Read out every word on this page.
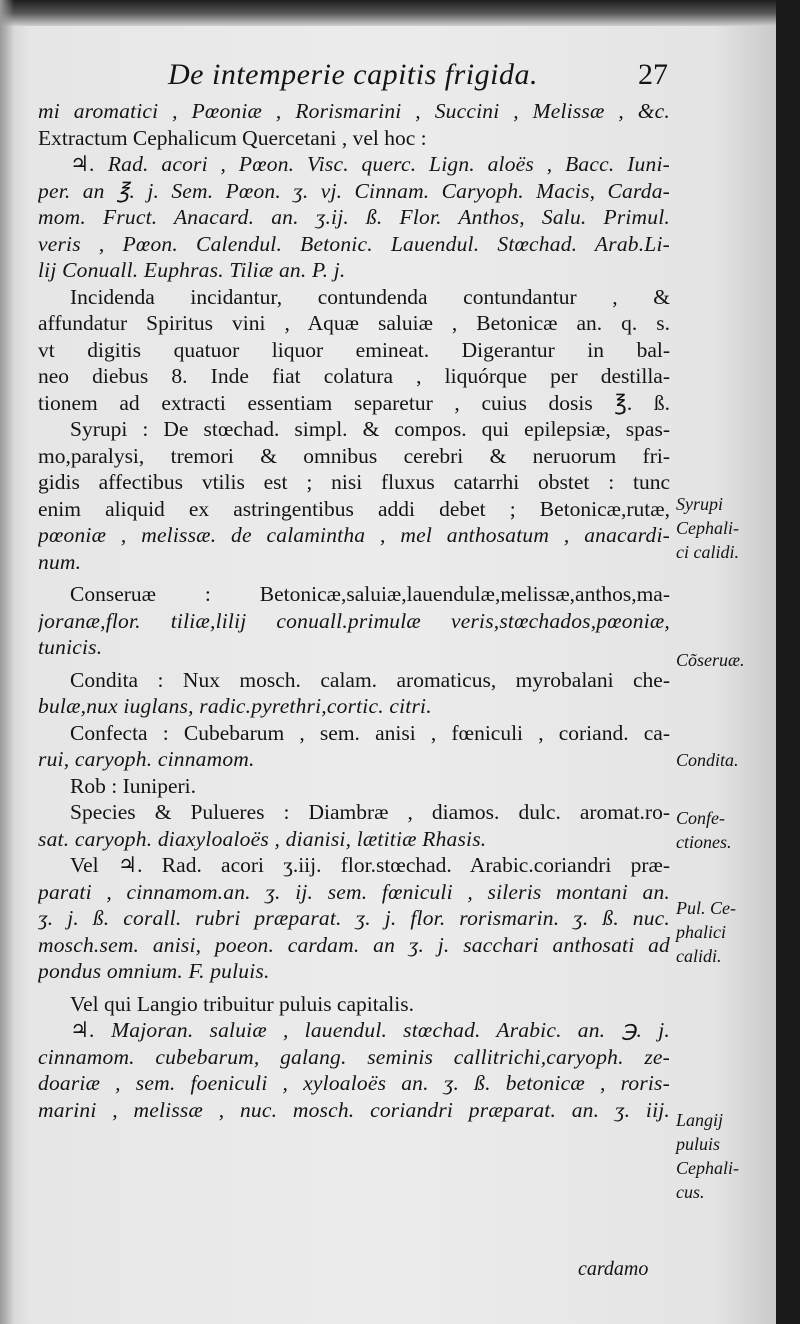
De intemperie capitis frigida.	27
mi aromatici , Pœoniæ , Rorismarini , Succini , Melissæ , &c.
Extractum Cephalicum Quercetani , vel hoc :
♃. Rad. acori , Pœon. Visc. querc. Lign. aloës , Bacc. Iuni-
per. an ℥. j. Sem. Pœon. ʒ. vj. Cinnam. Caryoph. Macis, Carda-
mom. Fruct. Anacard. an. ʒ.ij. ß. Flor. Anthos, Salu. Primul.
veris , Pœon. Calendul. Betonic. Lauendul. Stœchad. Arab.Li-
lij Conuall. Euphras. Tiliæ an. P. j.
Incidenda incidantur, contundenda contundantur , &
affundatur Spiritus vini , Aquæ saluiæ , Betonicæ an. q. s.
vt digitis quatuor liquor emineat. Digerantur in bal-
neo diebus 8. Inde fiat colatura , liquórque per destilla-
tionem ad extracti essentiam separetur , cuius dosis ℥. ß.
Syrupi : De stœchad. simpl. & compos. qui epilepsiæ, spas-
mo,paralysi, tremori & omnibus cerebri & neruorum fri-
gidis affectibus vtilis est ; nisi fluxus catarrhi obstet : tunc
enim aliquid ex astringentibus addi debet ; Betonicæ,rutæ,
pœoniæ , melissæ. de calamintha , mel anthosatum , anacardi-
num.
Conseruæ : Betonicæ,saluiæ,lauendulæ,melissæ,anthos,ma-
joranæ,flor. tiliæ,lilij conuall.primulæ veris,stœchados,pœoniæ,
tunicis.
Condita : Nux mosch. calam. aromaticus, myrobalani che-
bulæ,nux iuglans, radic.pyrethri,cortic. citri.
Confecta : Cubebarum , sem. anisi , fœniculi , coriand. ca-
rui, caryoph. cinnamom.
Rob : Iuniperi.
Species & Pulueres : Diambræ , diamos. dulc. aromat.ro-
sat. caryoph. diaxyloaloës , dianisi, lætitiæ Rhasis.
Vel ♃. Rad. acori ʒ.iij. flor.stœchad. Arabic.coriandri præ-
parati , cinnamom.an. ʒ. ij. sem. fœniculi , sileris montani an.
ʒ. j. ß. corall. rubri præparat. ʒ. j. flor. rorismarin. ʒ. ß. nuc.
mosch.sem. anisi, poeon. cardam. an ʒ. j. sacchari anthosati ad
pondus omnium. F. puluis.
Vel qui Langio tribuitur puluis capitalis.
♃. Majoran. saluiæ , lauendul. stœchad. Arabic. an. ℈. j.
cinnamom. cubebarum, galang. seminis callitrichi,caryoph. ze-
doariæ , sem. foeniculi , xyloaloës an. ʒ. ß. betonicæ , roris-
marini , melissæ , nuc. mosch. coriandri præparat. an. ʒ. iij.
Syrupi
Cephali-
ci calidi.
Cõseruæ.
Condita.
Confe-
ctiones.
Pul. Ce-
phalici
calidi.
Langij
puluis
Cephali-
cus.
cardamo
